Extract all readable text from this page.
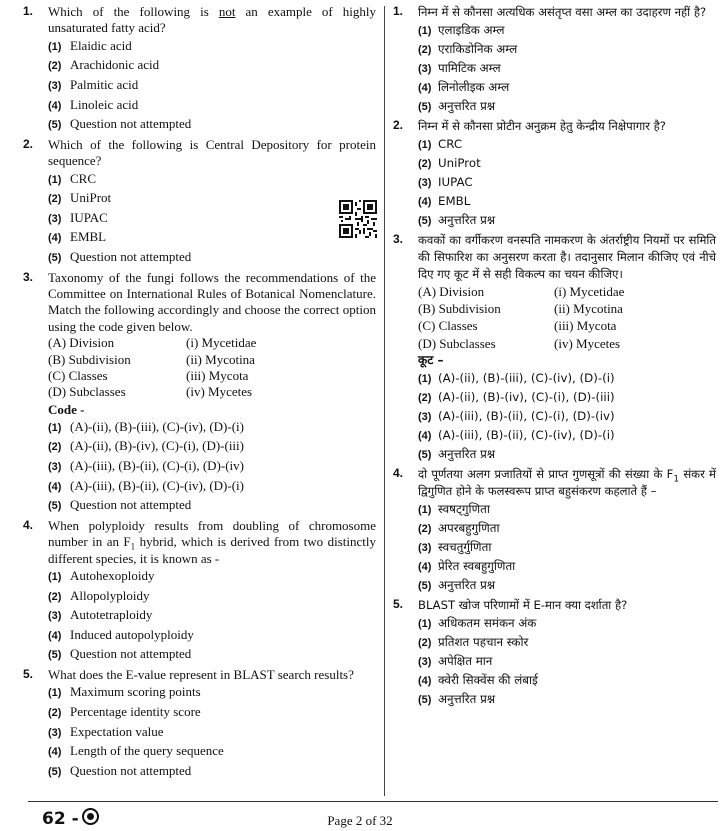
1. Which of the following is not an example of highly unsaturated fatty acid?
(1) Elaidic acid
(2) Arachidonic acid
(3) Palmitic acid
(4) Linoleic acid
(5) Question not attempted
2. Which of the following is Central Depository for protein sequence?
(1) CRC
(2) UniProt
(3) IUPAC
(4) EMBL
(5) Question not attempted
3. Taxonomy of the fungi follows the recommendations of the Committee on International Rules of Botanical Nomenclature. Match the following accordingly and choose the correct option using the code given below.
(A) Division	(i) Mycetidae
(B) Subdivision	(ii) Mycotina
(C) Classes	(iii) Mycota
(D) Subclasses	(iv) Mycetes
Code -
(1) (A)-(ii), (B)-(iii), (C)-(iv), (D)-(i)
(2) (A)-(ii), (B)-(iv), (C)-(i), (D)-(iii)
(3) (A)-(iii), (B)-(ii), (C)-(i), (D)-(iv)
(4) (A)-(iii), (B)-(ii), (C)-(iv), (D)-(i)
(5) Question not attempted
4. When polyploidy results from doubling of chromosome number in an $F_1$ hybrid, which is derived from two distinctly different species, it is known as -
(1) Autohexoploidy
(2) Allopolyploidy
(3) Autotetraploidy
(4) Induced autopolyploidy
(5) Question not attempted
5. What does the E-value represent in BLAST search results?
(1) Maximum scoring points
(2) Percentage identity score
(3) Expectation value
(4) Length of the query sequence
(5) Question not attempted
1. निम्न में से कौनसा अत्यधिक असंतृप्त वसा अम्ल का उदाहरण नहीं है?
(1) एलाइडिक अम्ल
(2) एराकिडोनिक अम्ल
(3) पामिटिक अम्ल
(4) लिनोलीइक अम्ल
(5) अनुत्तरित प्रश्न
2. निम्न में से कौनसा प्रोटीन अनुक्रम हेतु केन्द्रीय निक्षेपागार है?
(1) CRC
(2) UniProt
(3) IUPAC
(4) EMBL
(5) अनुत्तरित प्रश्न
3. कवकों का वर्गीकरण वनस्पति नामकरण के अंतर्राष्ट्रीय नियमों पर समिति की सिफारिश का अनुसरण करता है। तदानुसार मिलान कीजिए एवं नीचे दिए गए कूट में से सही विकल्प का चयन कीजिए।
(A) Division	(i) Mycetidae
(B) Subdivision	(ii) Mycotina
(C) Classes	(iii) Mycota
(D) Subclasses	(iv) Mycetes
कूट –
(1) (A)-(ii), (B)-(iii), (C)-(iv), (D)-(i)
(2) (A)-(ii), (B)-(iv), (C)-(i), (D)-(iii)
(3) (A)-(iii), (B)-(ii), (C)-(i), (D)-(iv)
(4) (A)-(iii), (B)-(ii), (C)-(iv), (D)-(i)
(5) अनुत्तरित प्रश्न
4. दो पूर्णतया अलग प्रजातियों से प्राप्त गुणसूत्रों की संख्या के $F_1$ संकर में द्विगुणित होने के फलस्वरूप प्राप्त बहुसंकरण कहलाते हैं –
(1) स्वषट्गुणिता
(2) अपरबहुगुणिता
(3) स्वचतुर्गुणिता
(4) प्रेरित स्वबहुगुणिता
(5) अनुत्तरित प्रश्न
5. BLAST खोज परिणामों में E-मान क्या दर्शाता है?
(1) अधिकतम समंकन अंक
(2) प्रतिशत पहचान स्कोर
(3) अपेक्षित मान
(4) क्वेरी सिक्वेंस की लंबाई
(5) अनुत्तरित प्रश्न
62 -	Page 2 of 32
